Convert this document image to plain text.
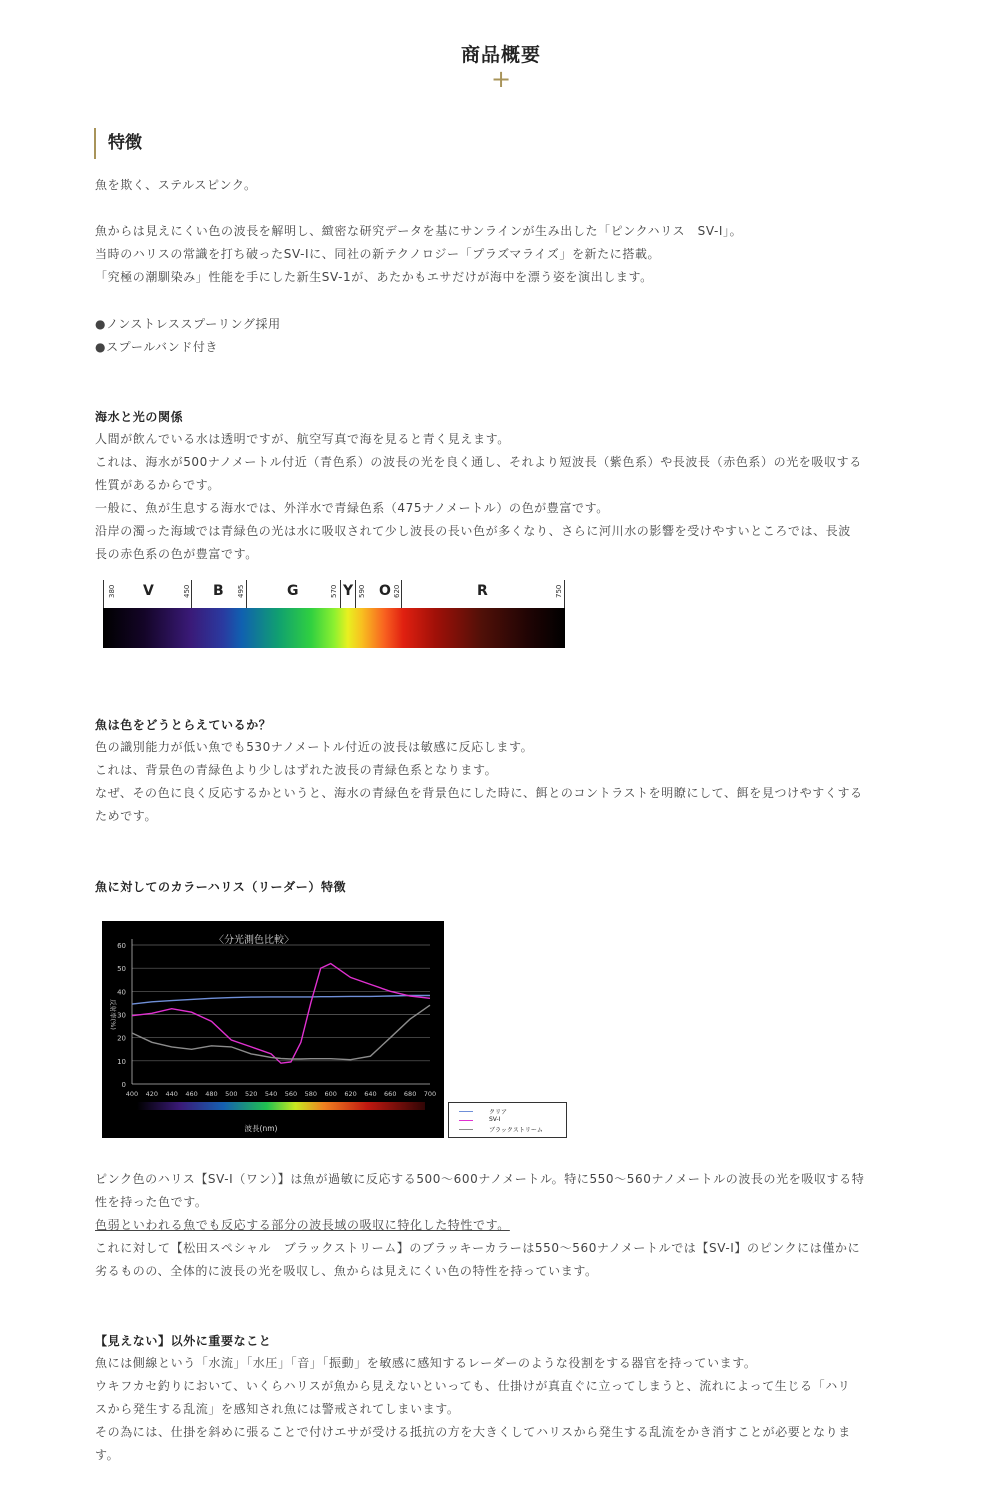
商品概要
+
特徴
魚を欺く、ステルスピンク。
魚からは見えにくい色の波長を解明し、緻密な研究データを基にサンラインが生み出した「ピンクハリス　SV-Ⅰ」。
当時のハリスの常識を打ち破ったSV-Ⅰに、同社の新テクノロジー「プラズマライズ」を新たに搭載。
「究極の潮馴染み」性能を手にした新生SV-1が、あたかもエサだけが海中を漂う姿を演出します。
●ノンストレススプーリング採用
●スプールバンド付き
海水と光の関係
人間が飲んでいる水は透明ですが、航空写真で海を見ると青く見えます。
これは、海水が500ナノメートル付近（青色系）の波長の光を良く通し、それより短波長（紫色系）や長波長（赤色系）の光を吸収する
性質があるからです。
一般に、魚が生息する海水では、外洋水で青緑色系（475ナノメートル）の色が豊富です。
沿岸の濁った海域では青緑色の光は水に吸収されて少し波長の長い色が多くなり、さらに河川水の影響を受けやすいところでは、長波
長の赤色系の色が豊富です。
380 V	450 B 495	G	570 Y 590 O 620	R	750
魚は色をどうとらえているか？
色の識別能力が低い魚でも530ナノメートル付近の波長は敏感に反応します。
これは、背景色の青緑色より少しはずれた波長の青緑色系となります。
なぜ、その色に良く反応するかというと、海水の青緑色を背景色にした時に、餌とのコントラストを明瞭にして、餌を見つけやすくする
ためです。
魚に対してのカラーハリス（リーダー）特徴
〈分光測色比較〉
0
10
20
30
40
50
60
400 420 440 460 480 500 520 540 560 580 600 620 640 660 680 700
反射率(%)
波長(nm)
クリア
SV-Ⅰ
ブラックストリーム
ピンク色のハリス【SV-Ⅰ（ワン）】は魚が過敏に反応する500～600ナノメートル。特に550～560ナノメートルの波長の光を吸収する特
性を持った色です。
色弱といわれる魚でも反応する部分の波長域の吸収に特化した特性です。
これに対して【松田スペシャル　ブラックストリーム】のブラッキーカラーは550～560ナノメートルでは【SV-Ⅰ】のピンクには僅かに
劣るものの、全体的に波長の光を吸収し、魚からは見えにくい色の特性を持っています。
【見えない】以外に重要なこと
魚には側線という「水流」「水圧」「音」「振動」を敏感に感知するレーダーのような役割をする器官を持っています。
ウキフカセ釣りにおいて、いくらハリスが魚から見えないといっても、仕掛けが真直ぐに立ってしまうと、流れによって生じる「ハリ
スから発生する乱流」を感知され魚には警戒されてしまいます。
その為には、仕掛を斜めに張ることで付けエサが受ける抵抗の方を大きくしてハリスから発生する乱流をかき消すことが必要となりま
す。
